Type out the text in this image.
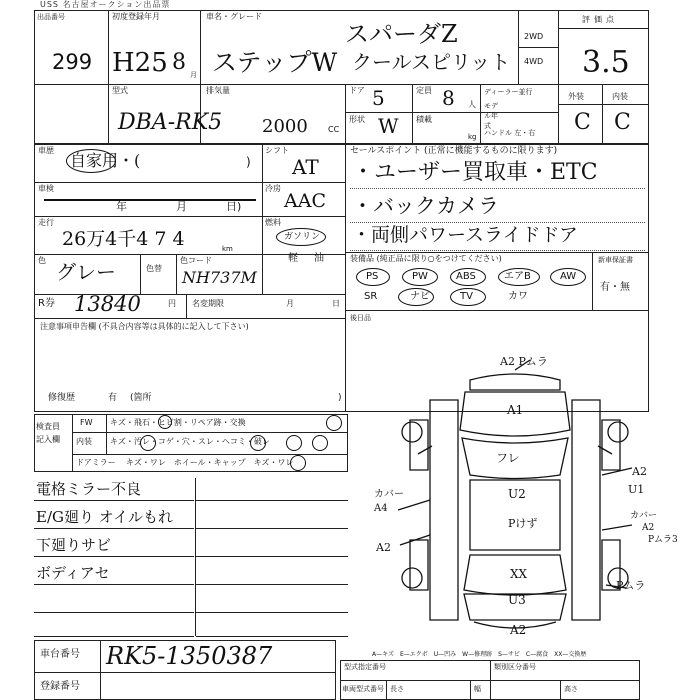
USS 名古屋オークション出品票
出品番号
299
初度登録年月
H25 8 月
車名・グレード
ステップW
スパーダZ
クールスピリット
2WD
4WD
評価点
3.5
型式
DBA-RK5
排気量
2000	CC
ドア 5	定員 8 人
ディーラー並行
モデル年式
形状 W 積載
kg ハンドル 左・右
外装	内装
C C
車歴
自家用・(	)
車検
年	月	日)
走行
26万4千4 7 4	km
色 グレー	色替
色コード
NH737M
R券 13840	円 名変期限	月	日
注意事項申告欄 (不具合内容等は具体的に記入して下さい)
修復歴	有 (箇所	)
シフト
AT
冷房
AAC
燃料
ガソリン
軽 油
セールスポイント (正常に機能するものに限ります)
・ユーザー買取車・ETC
・バックカメラ
・両側パワースライドドア
装備品 (純正品に限り○をつけてください)
PS	PW	ABS	エアB	AW
SR	ナビ	TV	カワ
新車保証書
有・無
後日品
検査員
記入欄
FW キズ・飛石・ヒビ割・リペア跡・交換
内装 キズ・汚レ・コゲ・穴・スレ・ヘコミ・破レ
ドアミラー キズ・ワレ　ホイール・キャップ　キズ・ワレ
電格ミラー不良
E/G廻り オイルもれ
下廻りサビ
ボディアセ
A2 Pムラ
A1
フレ
U2
Pけず
XX
U3
A2
カバー
A4
A2
A2
U1
カバー
A2
Pムラ3
Pムラ
A—キズ　E—エクボ　U—凹み　W—修理跡　S—サビ　C—腐食　XX—交換歴
車台番号 RK5-1350387
登録番号
型式指定番号	類別区分番号
車両型式番号 長さ	幅	高さ
